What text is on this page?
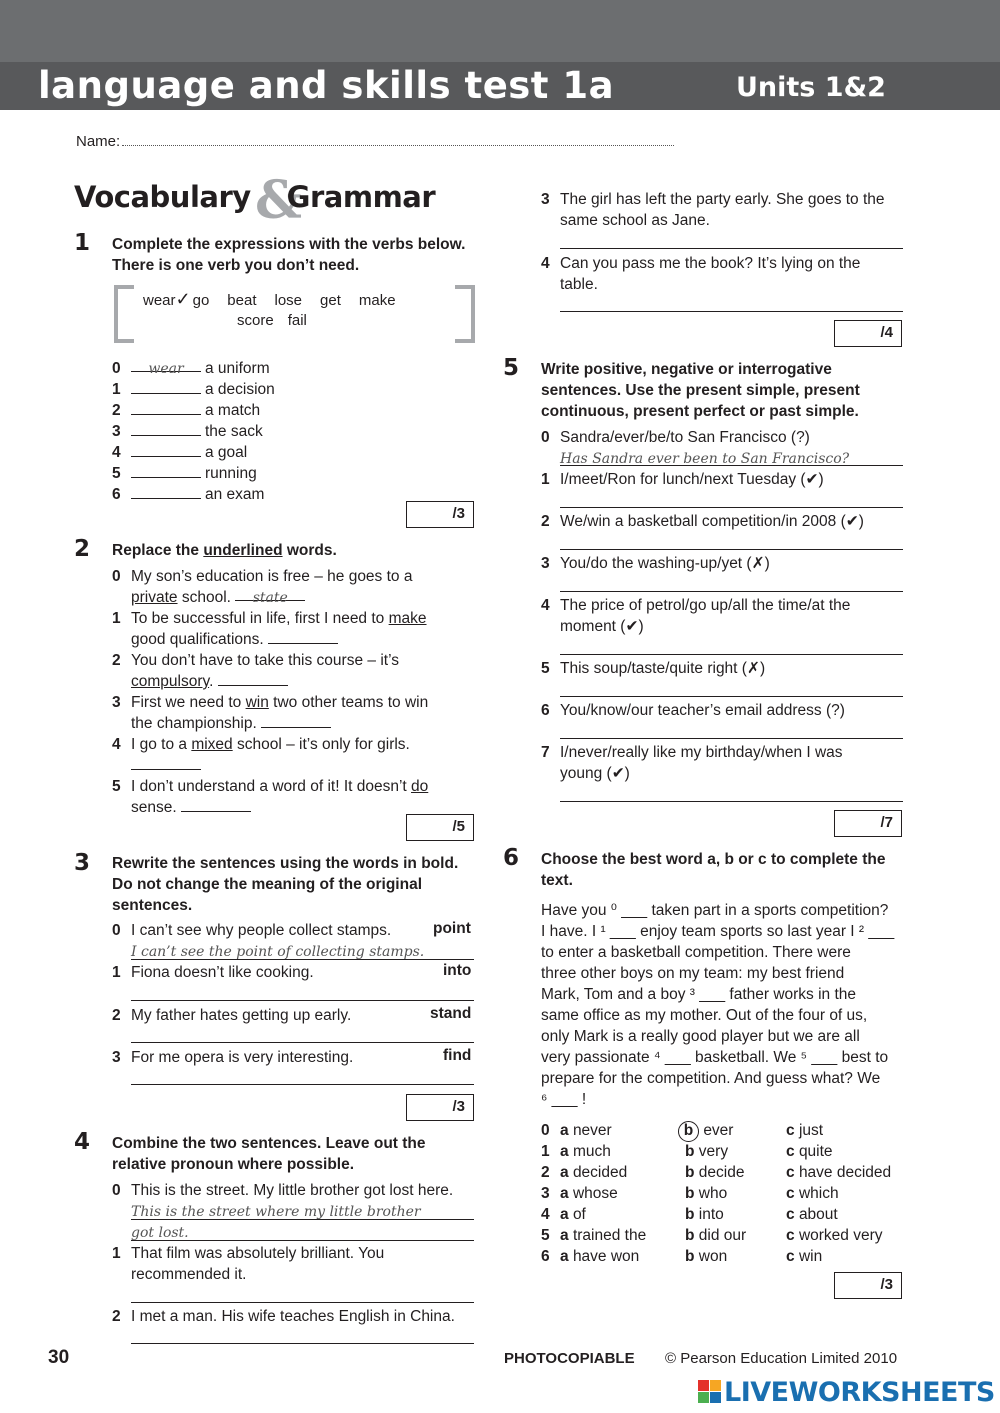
language and skills test 1a	Units 1&2
Name:
&
Vocabulary Grammar
1 Complete the expressions with the verbs below.
There is one verb you don’t need.
wear✓ go beat lose get make
score fail
0 wear a uniform
1	a decision
2	a match
3	the sack
4	a goal
5	running
6	an exam
/3
2 Replace the underlined words.
0 My son’s education is free – he goes to a
private school. state
1 To be successful in life, first I need to make
good qualifications.
2 You don’t have to take this course – it’s
compulsory.
3 First we need to win two other teams to win
the championship.
4 I go to a mixed school – it’s only for girls.
5 I don’t understand a word of it! It doesn’t do
sense.
/5
3 Rewrite the sentences using the words in bold.
Do not change the meaning of the original
sentences.
0 I can’t see why people collect stamps.	point
I can’t see the point of collecting stamps.
1 Fiona doesn’t like cooking.	into
2 My father hates getting up early.	stand
3 For me opera is very interesting.	find
/3
4 Combine the two sentences. Leave out the
relative pronoun where possible.
0 This is the street. My little brother got lost here.
This is the street where my little brother
got lost.
1 That film was absolutely brilliant. You
recommended it.
2 I met a man. His wife teaches English in China.
3 The girl has left the party early. She goes to the
same school as Jane.
4 Can you pass me the book? It’s lying on the
table.
/4
5 Write positive, negative or interrogative
sentences. Use the present simple, present
continuous, present perfect or past simple.
0 Sandra/ever/be/to San Francisco (?)
Has Sandra ever been to San Francisco?
1 I/meet/Ron for lunch/next Tuesday (✔)
2 We/win a basketball competition/in 2008 (✔)
3 You/do the washing-up/yet (✗)
4 The price of petrol/go up/all the time/at the
moment (✔)
5 This soup/taste/quite right (✗)
6 You/know/our teacher’s email address (?)
7 I/never/really like my birthday/when I was
young (✔)
/7
6 Choose the best word a, b or c to complete the
text.
Have you ⁰ ___ taken part in a sports competition?
I have. I ¹ ___ enjoy team sports so last year I ² ___
to enter a basketball competition. There were
three other boys on my team: my best friend
Mark, Tom and a boy ³ ___ father works in the
same office as my mother. Out of the four of us,
only Mark is a really good player but we are all
very passionate ⁴ ___ basketball. We ⁵ ___ best to
prepare for the competition. And guess what? We
⁶ ___ !
0 a never	b ever	c just
1 a much	b very	c quite
2 a decided	b decide	c have decided
3 a whose	b who	c which
4 a of	b into	c about
5 a trained the	b did our	c worked very
6 a have won	b won	c win
/3
30	PHOTOCOPIABLE © Pearson Education Limited 2010
LIVEWORKSHEETS
